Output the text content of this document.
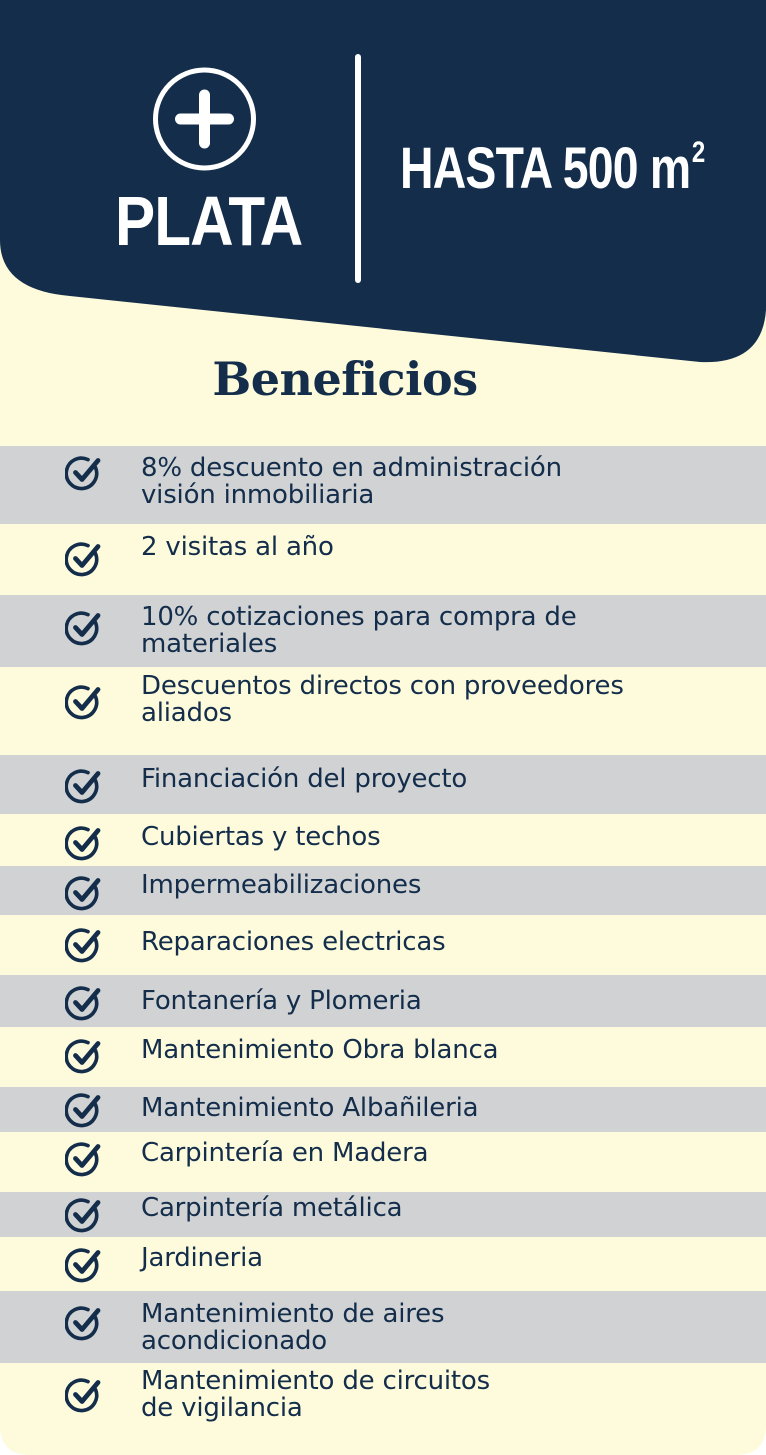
PLATA
HASTA 500 $m^2$
Beneficios
8% descuento en administración
visión inmobiliaria
2 visitas al año
10% cotizaciones para compra de
materiales
Descuentos directos con proveedores
aliados
Financiación del proyecto
Cubiertas y techos
Impermeabilizaciones
Reparaciones electricas
Fontanería y Plomeria
Mantenimiento Obra blanca
Mantenimiento Albañileria
Carpintería en Madera
Carpintería metálica
Jardineria
Mantenimiento de aires
acondicionado
Mantenimiento de circuitos
de vigilancia
